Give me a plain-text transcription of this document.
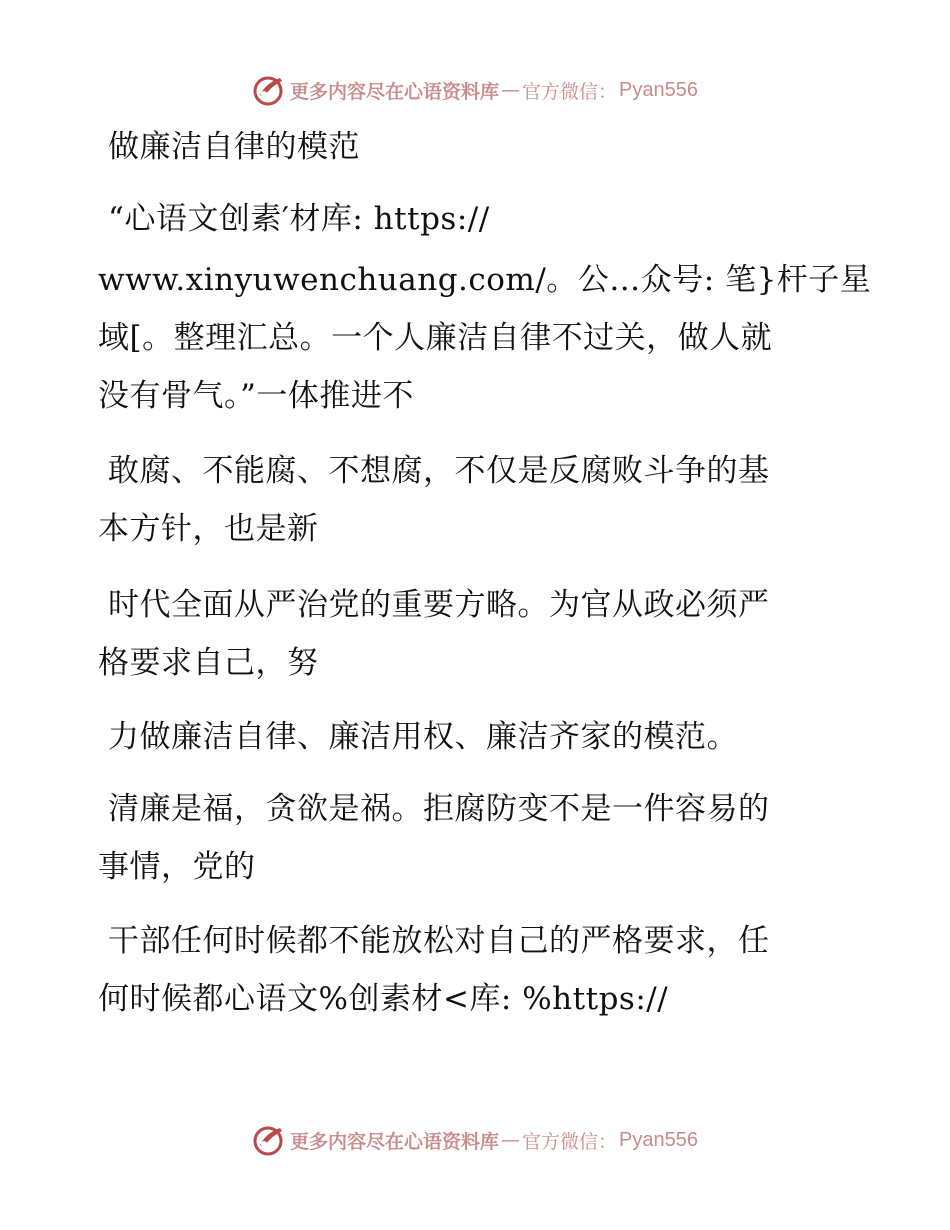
更多内容尽在心语资料库 — 官方微信： Pyan556
做廉洁自律的模范
“心语文创素′材库: https://
www.xinyuwenchuang.com/。公…众号: 笔}杆子星
域[。整理汇总。一个人廉洁自律不过关，做人就
没有骨气。”一体推进不
敢腐、不能腐、不想腐，不仅是反腐败斗争的基
本方针，也是新
时代全面从严治党的重要方略。为官从政必须严
格要求自己，努
力做廉洁自律、廉洁用权、廉洁齐家的模范。
清廉是福，贪欲是祸。拒腐防变不是一件容易的
事情，党的
干部任何时候都不能放松对自己的严格要求，任
何时候都心语文%创素材<库: %https://
更多内容尽在心语资料库 — 官方微信： Pyan556
